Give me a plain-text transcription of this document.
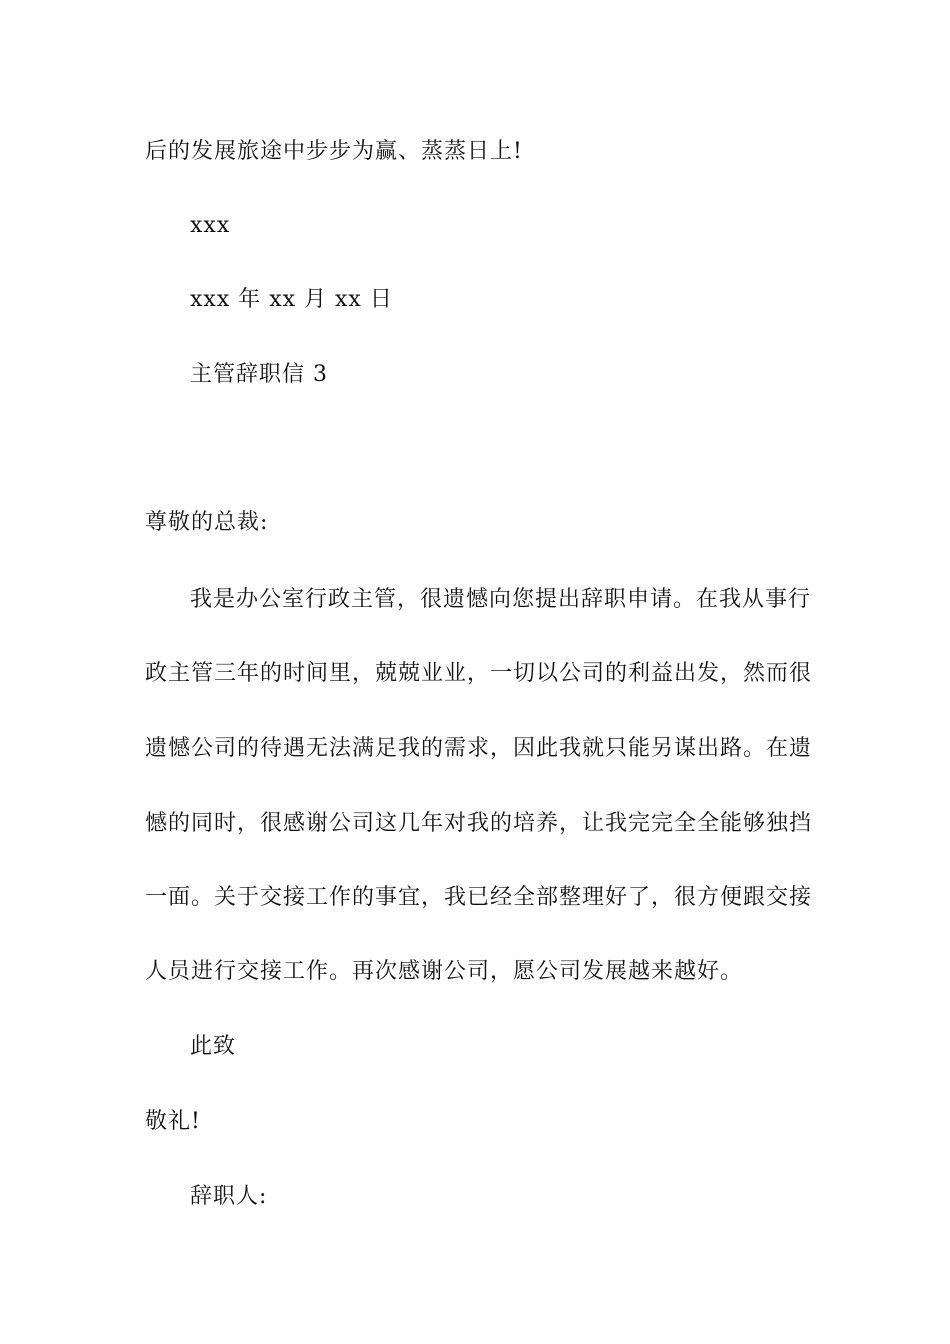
后的发展旅途中步步为赢、蒸蒸日上!
xxx
xxx 年 xx 月 xx 日
主管辞职信 3
尊敬的总裁:
我是办公室行政主管，很遗憾向您提出辞职申请。在我从事行
政主管三年的时间里，兢兢业业，一切以公司的利益出发，然而很
遗憾公司的待遇无法满足我的需求，因此我就只能另谋出路。在遗
憾的同时，很感谢公司这几年对我的培养，让我完完全全能够独挡
一面。关于交接工作的事宜，我已经全部整理好了，很方便跟交接
人员进行交接工作。再次感谢公司，愿公司发展越来越好。
此致
敬礼!
辞职人:
